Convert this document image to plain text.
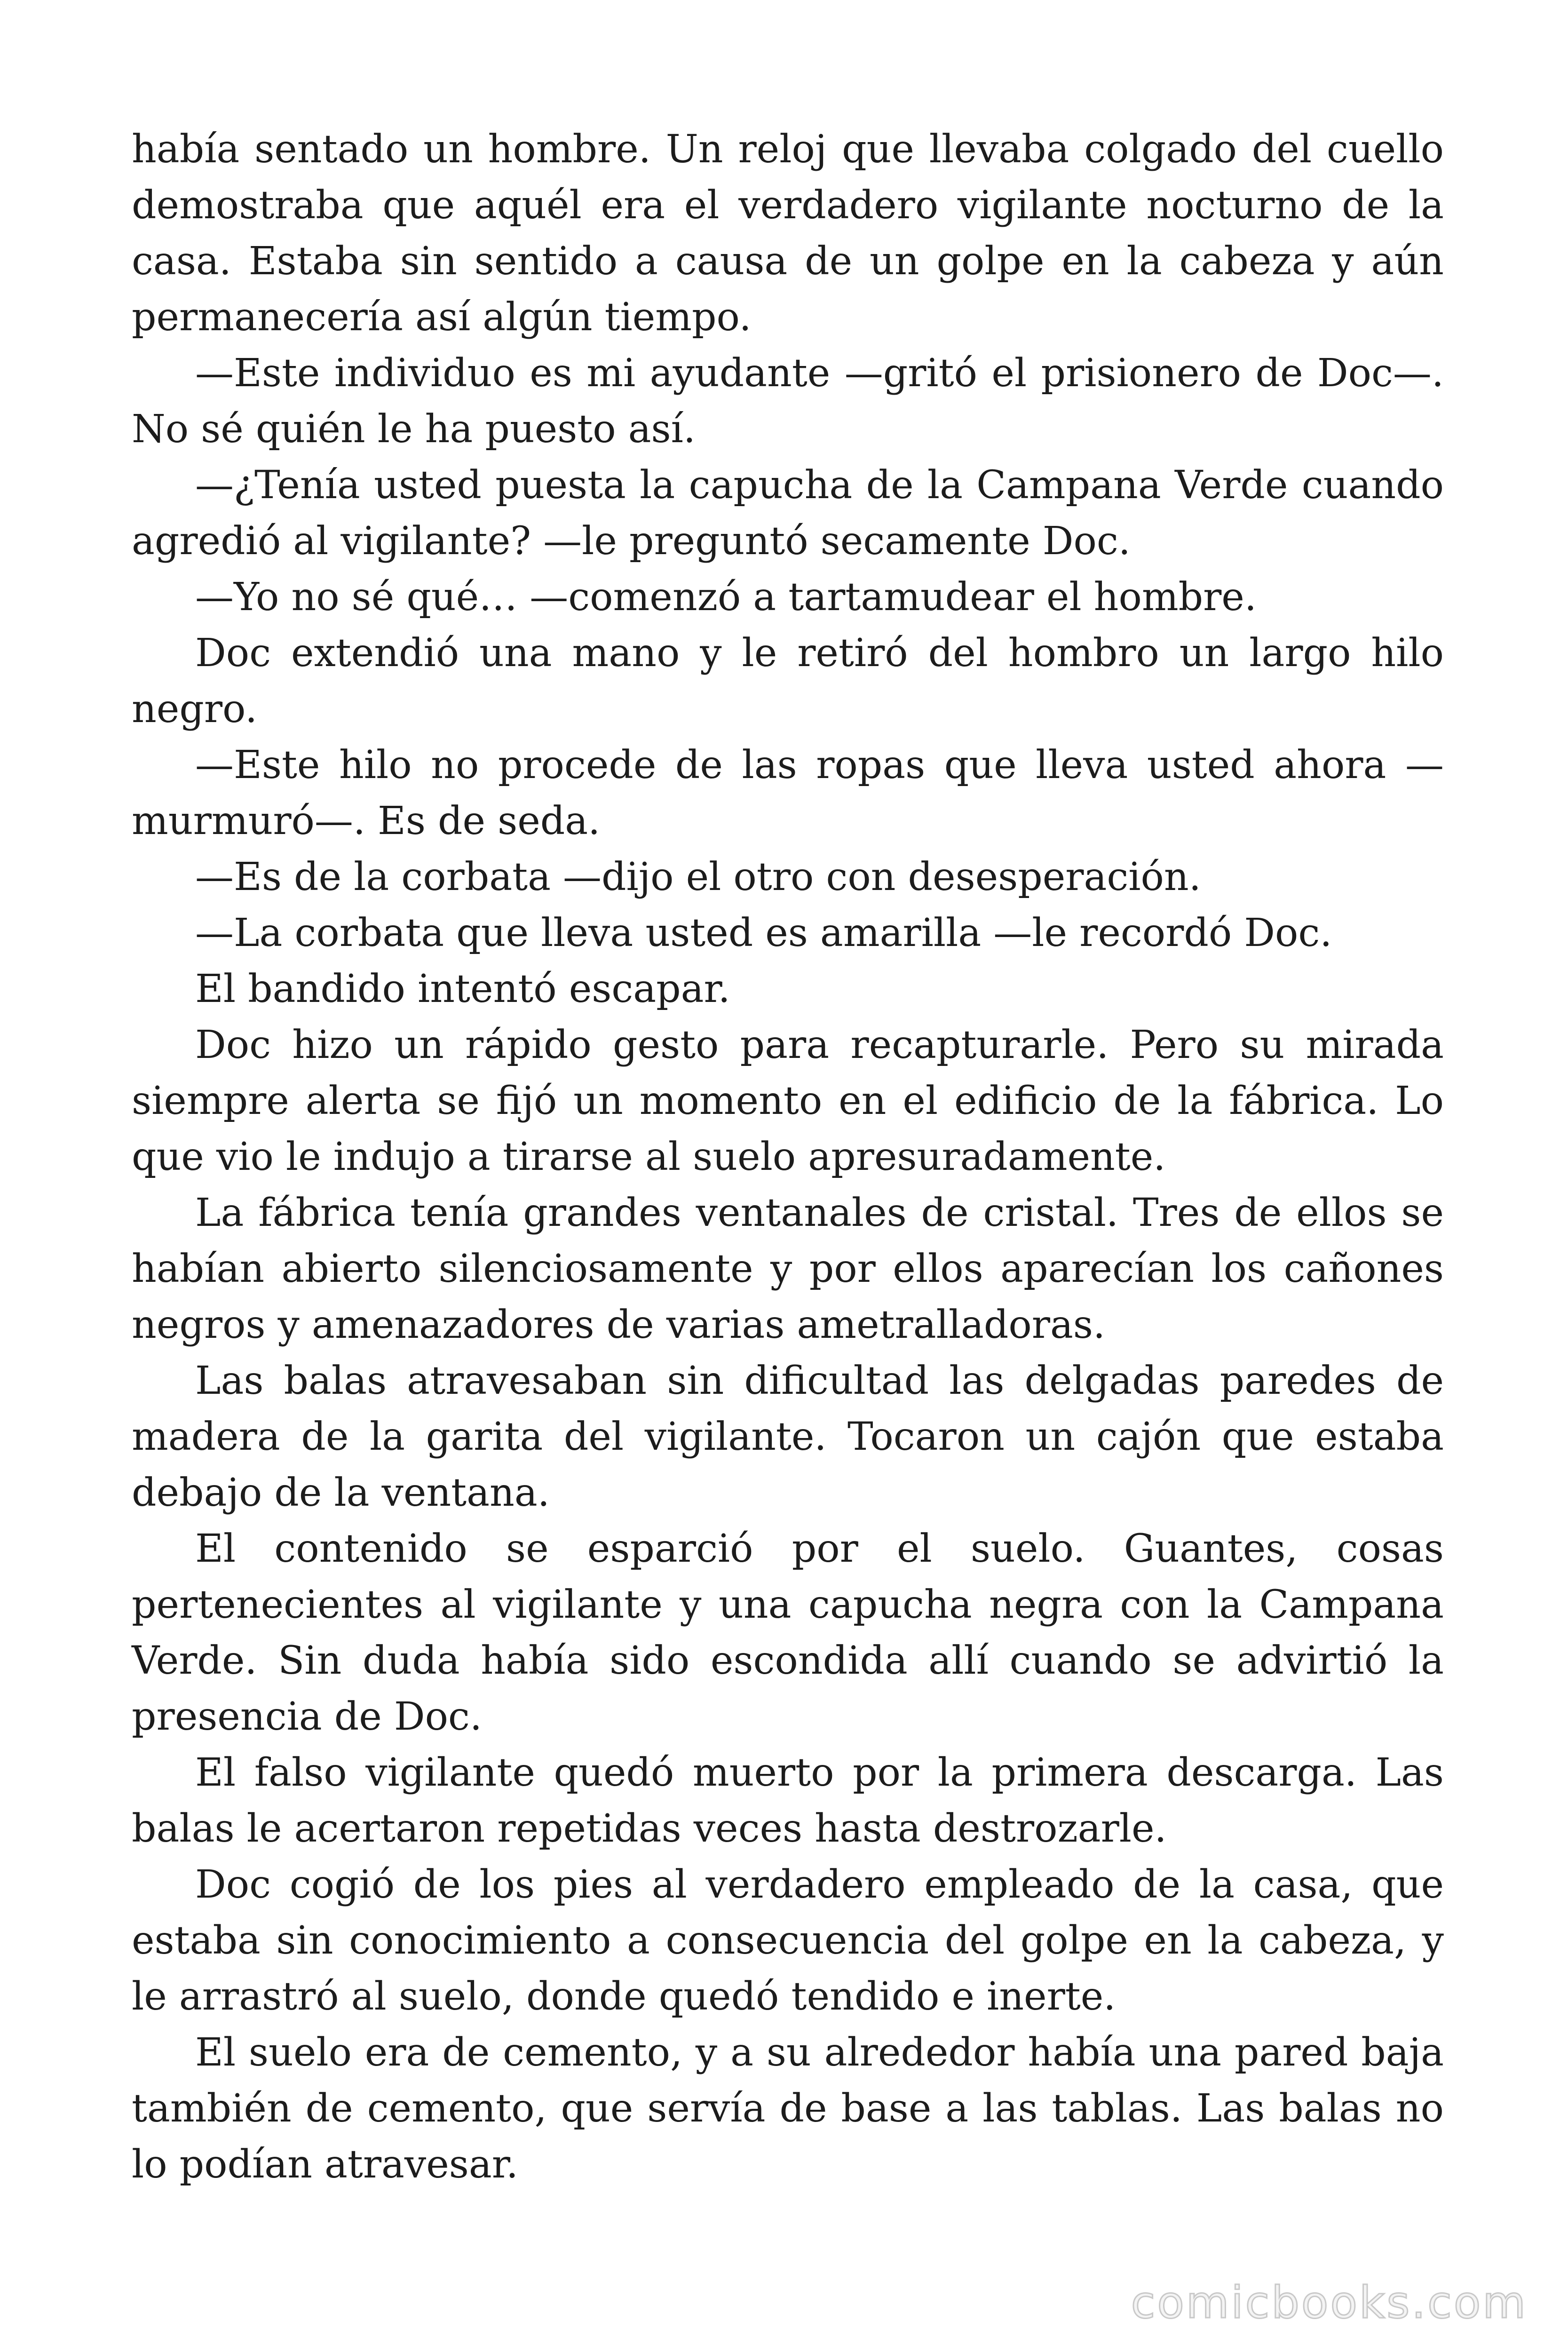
había sentado un hombre. Un reloj que llevaba colgado del cuello demostraba que aquél era el verdadero vigilante nocturno de la casa. Estaba sin sentido a causa de un golpe en la cabeza y aún permanecería así algún tiempo.

—Este individuo es mi ayudante —gritó el prisionero de Doc—. No sé quién le ha puesto así.

—¿Tenía usted puesta la capucha de la Campana Verde cuando agredió al vigilante? —le preguntó secamente Doc.

—Yo no sé qué… —comenzó a tartamudear el hombre.

Doc extendió una mano y le retiró del hombro un largo hilo negro.

—Este hilo no procede de las ropas que lleva usted ahora — murmuró—. Es de seda.

—Es de la corbata —dijo el otro con desesperación.

—La corbata que lleva usted es amarilla —le recordó Doc.

El bandido intentó escapar.

Doc hizo un rápido gesto para recapturarle. Pero su mirada siempre alerta se fijó un momento en el edificio de la fábrica. Lo que vio le indujo a tirarse al suelo apresuradamente.

La fábrica tenía grandes ventanales de cristal. Tres de ellos se habían abierto silenciosamente y por ellos aparecían los cañones negros y amenazadores de varias ametralladoras.

Las balas atravesaban sin dificultad las delgadas paredes de madera de la garita del vigilante. Tocaron un cajón que estaba debajo de la ventana.

El contenido se esparció por el suelo. Guantes, cosas pertenecientes al vigilante y una capucha negra con la Campana Verde. Sin duda había sido escondida allí cuando se advirtió la presencia de Doc.

El falso vigilante quedó muerto por la primera descarga. Las balas le acertaron repetidas veces hasta destrozarle.

Doc cogió de los pies al verdadero empleado de la casa, que estaba sin conocimiento a consecuencia del golpe en la cabeza, y le arrastró al suelo, donde quedó tendido e inerte.

El suelo era de cemento, y a su alrededor había una pared baja también de cemento, que servía de base a las tablas. Las balas no lo podían atravesar.

comicbooks.com
